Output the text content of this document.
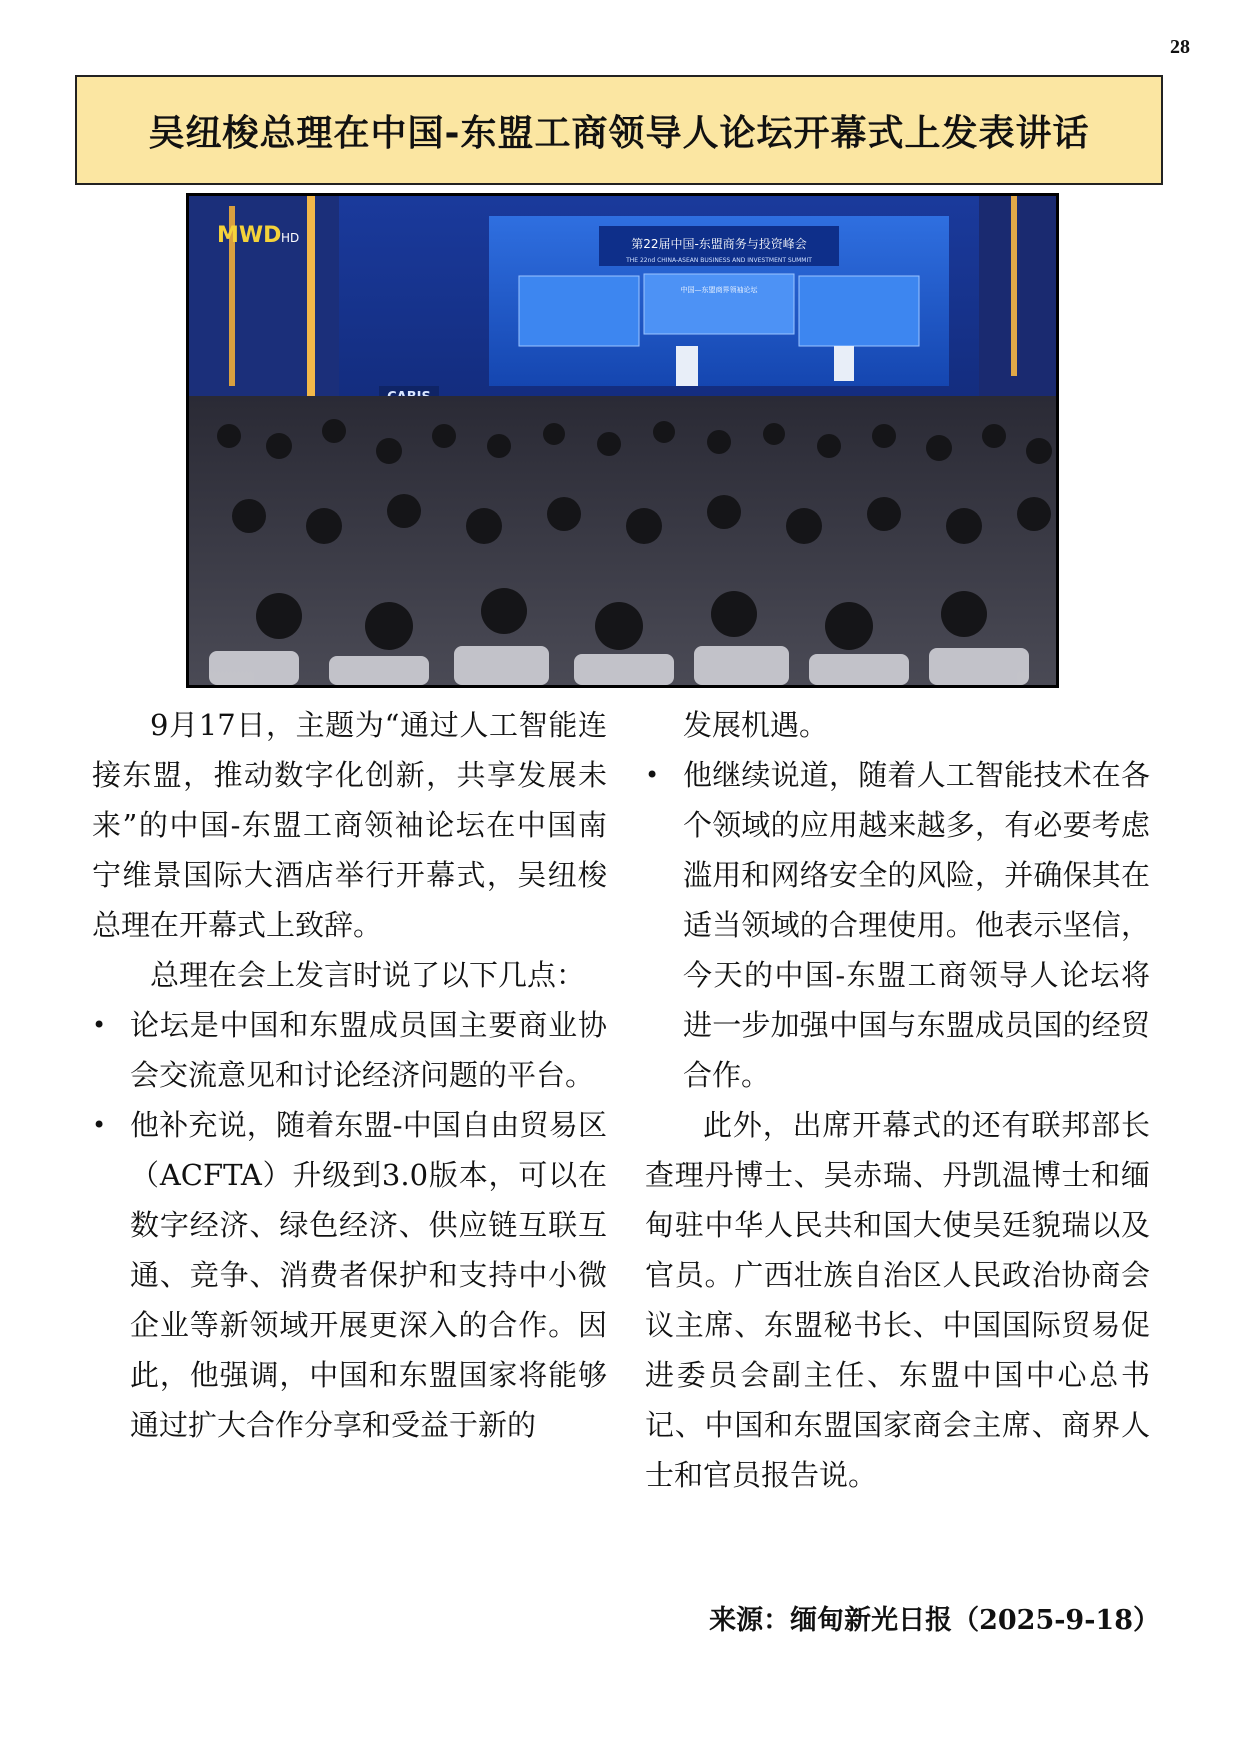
28
吴纽梭总理在中国-东盟工商领导人论坛开幕式上发表讲话
第22届中国-东盟商务与投资峰会
THE 22nd CHINA-ASEAN BUSINESS AND INVESTMENT SUMMIT
中国—东盟商界领袖论坛
MWD HD

9月17日，主题为“通过人工智能连接东盟，推动数字化创新，共享发展未来”的中国-东盟工商领袖论坛在中国南宁维景国际大酒店举行开幕式，吴纽梭总理在开幕式上致辞。

总理在会上发言时说了以下几点：

• 论坛是中国和东盟成员国主要商业协会交流意见和讨论经济问题的平台。
• 他补充说，随着东盟-中国自由贸易区（ACFTA）升级到3.0版本，可以在数字经济、绿色经济、供应链互联互通、竞争、消费者保护和支持中小微企业等新领域开展更深入的合作。因此，他强调，中国和东盟国家将能够通过扩大合作分享和受益于新的

发展机遇。

• 他继续说道，随着人工智能技术在各个领域的应用越来越多，有必要考虑滥用和网络安全的风险，并确保其在适当领域的合理使用。他表示坚信，今天的中国-东盟工商领导人论坛将进一步加强中国与东盟成员国的经贸合作。

此外，出席开幕式的还有联邦部长查理丹博士、吴赤瑞、丹凯温博士和缅甸驻中华人民共和国大使吴廷貌瑞以及官员。广西壮族自治区人民政治协商会议主席、东盟秘书长、中国国际贸易促进委员会副主任、东盟中国中心总书记、中国和东盟国家商会主席、商界人士和官员报告说。

来源：缅甸新光日报（2025-9-18）
